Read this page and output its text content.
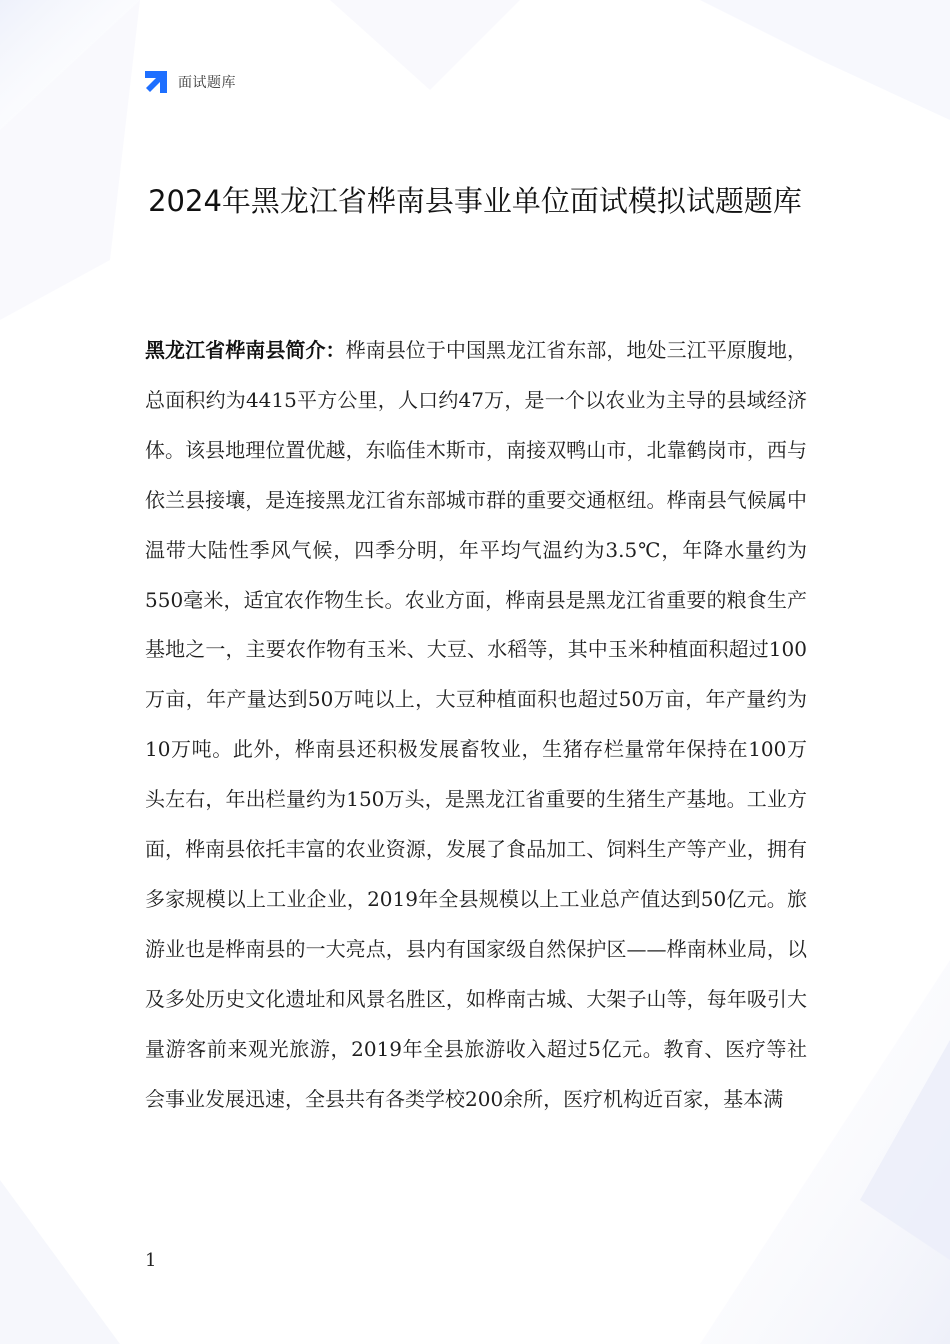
面试题库
2024年黑龙江省桦南县事业单位面试模拟试题题库

黑龙江省桦南县简介：桦南县位于中国黑龙江省东部，地处三江平原腹地，总面积约为4415平方公里，人口约47万，是一个以农业为主导的县域经济体。该县地理位置优越，东临佳木斯市，南接双鸭山市，北靠鹤岗市，西与依兰县接壤，是连接黑龙江省东部城市群的重要交通枢纽。桦南县气候属中温带大陆性季风气候，四季分明，年平均气温约为3.5℃，年降水量约为550毫米，适宜农作物生长。农业方面，桦南县是黑龙江省重要的粮食生产基地之一，主要农作物有玉米、大豆、水稻等，其中玉米种植面积超过100万亩，年产量达到50万吨以上，大豆种植面积也超过50万亩，年产量约为10万吨。此外，桦南县还积极发展畜牧业，生猪存栏量常年保持在100万头左右，年出栏量约为150万头，是黑龙江省重要的生猪生产基地。工业方面，桦南县依托丰富的农业资源，发展了食品加工、饲料生产等产业，拥有多家规模以上工业企业，2019年全县规模以上工业总产值达到50亿元。旅游业也是桦南县的一大亮点，县内有国家级自然保护区——桦南林业局，以及多处历史文化遗址和风景名胜区，如桦南古城、大架子山等，每年吸引大量游客前来观光旅游，2019年全县旅游收入超过5亿元。教育、医疗等社会事业发展迅速，全县共有各类学校200余所，医疗机构近百家，基本满

1
